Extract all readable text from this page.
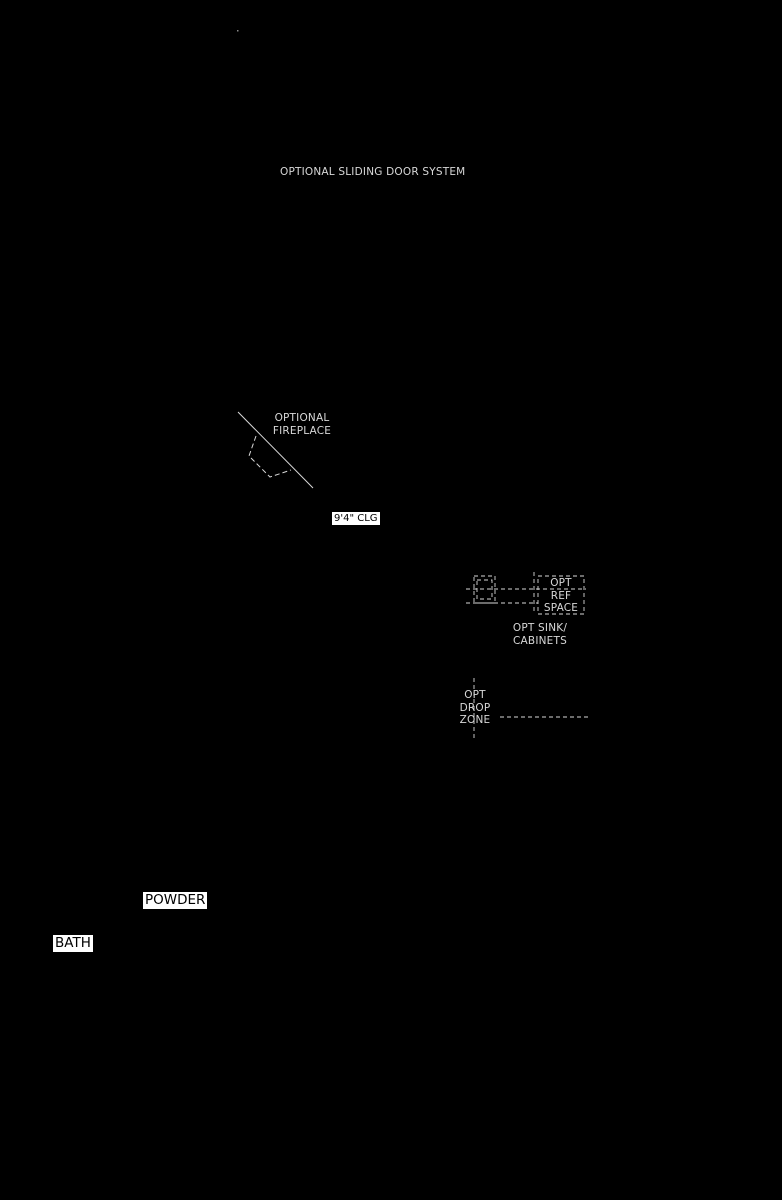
OPTIONAL SLIDING DOOR SYSTEM
OPTIONAL
FIREPLACE
9'4" CLG
OPT
REF
SPACE
OPT SINK/
CABINETS
OPT
DROP
ZONE
POWDER
BATH
